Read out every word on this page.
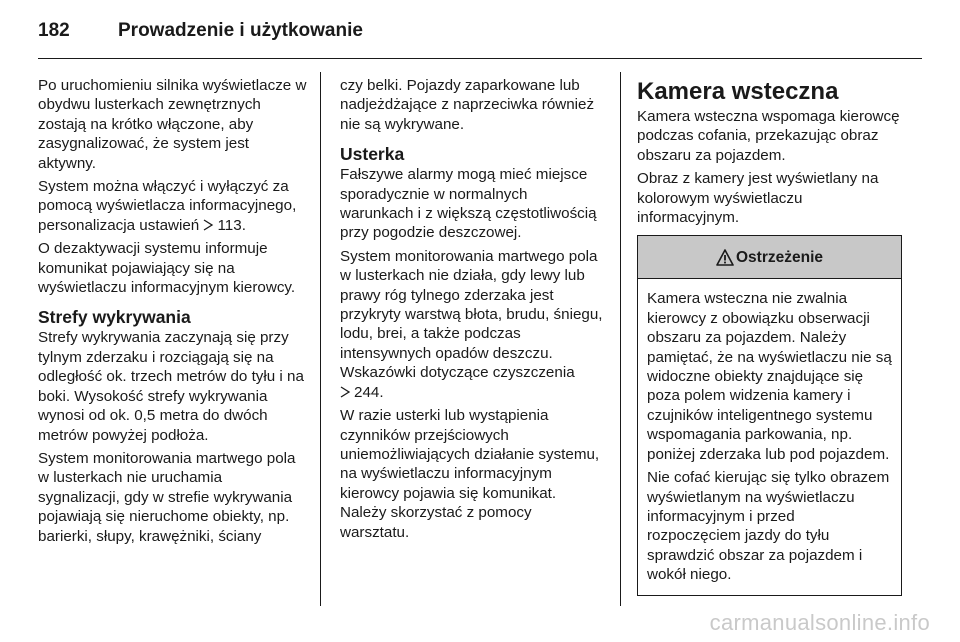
182	Prowadzenie i użytkowanie

Po uruchomieniu silnika wyświetlacze w obydwu lusterkach zewnętrznych zostają na krótko włączone, aby zasygnalizować, że system jest aktywny.

System można włączyć i wyłączyć za pomocą wyświetlacza informacyjnego, personalizacja ustawień 113.

O dezaktywacji systemu informuje komunikat pojawiający się na wyświetlaczu informacyjnym kierowcy.

Strefy wykrywania

Strefy wykrywania zaczynają się przy tylnym zderzaku i rozciągają się na odległość ok. trzech metrów do tyłu i na boki. Wysokość strefy wykrywania wynosi od ok. 0,5 metra do dwóch metrów powyżej podłoża.

System monitorowania martwego pola w lusterkach nie uruchamia sygnalizacji, gdy w strefie wykrywania pojawiają się nieruchome obiekty, np. barierki, słupy, krawężniki, ściany

czy belki. Pojazdy zaparkowane lub nadjeżdżające z naprzeciwka również nie są wykrywane.

Usterka

Fałszywe alarmy mogą mieć miejsce sporadycznie w normalnych warunkach i z większą częstotliwością przy pogodzie deszczowej.

System monitorowania martwego pola w lusterkach nie działa, gdy lewy lub prawy róg tylnego zderzaka jest przykryty warstwą błota, brudu, śniegu, lodu, brei, a także podczas intensywnych opadów deszczu. Wskazówki dotyczące czyszczenia
244.

W razie usterki lub wystąpienia czynników przejściowych uniemożliwiających działanie systemu, na wyświetlaczu informacyjnym kierowcy pojawia się komunikat. Należy skorzystać z pomocy warsztatu.

Kamera wsteczna

Kamera wsteczna wspomaga kierowcę podczas cofania, przekazując obraz obszaru za pojazdem.

Obraz z kamery jest wyświetlany na kolorowym wyświetlaczu informacyjnym.

Ostrzeżenie

Kamera wsteczna nie zwalnia kierowcy z obowiązku obserwacji obszaru za pojazdem. Należy pamiętać, że na wyświetlaczu nie są widoczne obiekty znajdujące się poza polem widzenia kamery i czujników inteligentnego systemu wspomagania parkowania, np. poniżej zderzaka lub pod pojazdem.

Nie cofać kierując się tylko obrazem wyświetlanym na wyświetlaczu informacyjnym i przed rozpoczęciem jazdy do tyłu sprawdzić obszar za pojazdem i wokół niego.

carmanualsonline.info
